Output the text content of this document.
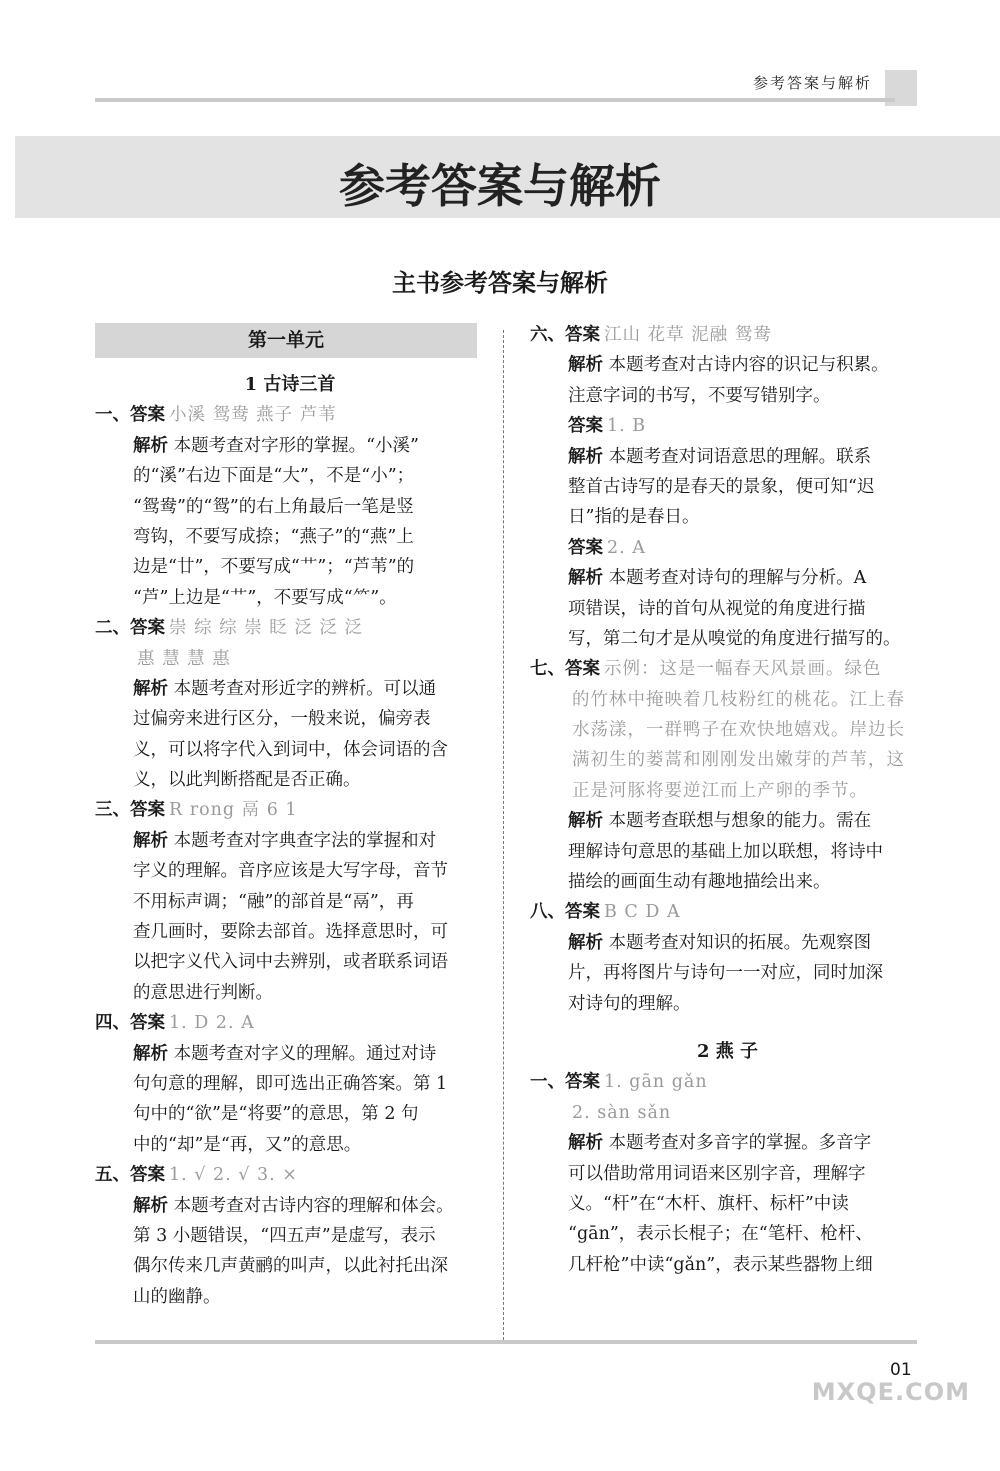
参考答案与解析
参考答案与解析
主书参考答案与解析
第一单元
1 古诗三首
一、答案 小溪 鸳鸯 燕子 芦苇
解析 本题考查对字形的掌握。“小溪”
的“溪”右边下面是“大”，不是“小”；
“鸳鸯”的“鸳”的右上角最后一笔是竖
弯钩，不要写成捺；“燕子”的“燕”上
边是“廿”，不要写成“艹”；“芦苇”的
“芦”上边是“艹”，不要写成“⺮”。
二、答案 崇 综 综 崇 眨 泛 泛 泛
惠 慧 慧 惠
解析 本题考查对形近字的辨析。可以通
过偏旁来进行区分，一般来说，偏旁表
义，可以将字代入到词中，体会词语的含
义，以此判断搭配是否正确。
三、答案 R rong 鬲 6 1
解析 本题考查对字典查字法的掌握和对
字义的理解。音序应该是大写字母，音节
不用标声调；“融”的部首是“鬲”，再
查几画时，要除去部首。选择意思时，可
以把字义代入词中去辨别，或者联系词语
的意思进行判断。
四、答案 1. D 2. A
解析 本题考查对字义的理解。通过对诗
句句意的理解，即可选出正确答案。第 1
句中的“欲”是“将要”的意思，第 2 句
中的“却”是“再，又”的意思。
五、答案 1. √ 2. √ 3. ×
解析 本题考查对古诗内容的理解和体会。
第 3 小题错误，“四五声”是虚写，表示
偶尔传来几声黄鹂的叫声，以此衬托出深
山的幽静。
六、答案 江山 花草 泥融 鸳鸯
解析 本题考查对古诗内容的识记与积累。
注意字词的书写，不要写错别字。
答案 1. B
解析 本题考查对词语意思的理解。联系
整首古诗写的是春天的景象，便可知“迟
日”指的是春日。
答案 2. A
解析 本题考查对诗句的理解与分析。A
项错误，诗的首句从视觉的角度进行描
写，第二句才是从嗅觉的角度进行描写的。
七、答案 示例：这是一幅春天风景画。绿色
的竹林中掩映着几枝粉红的桃花。江上春
水荡漾，一群鸭子在欢快地嬉戏。岸边长
满初生的蒌蒿和刚刚发出嫩芽的芦苇，这
正是河豚将要逆江而上产卵的季节。
解析 本题考查联想与想象的能力。需在
理解诗句意思的基础上加以联想，将诗中
描绘的画面生动有趣地描绘出来。
八、答案 B C D A
解析 本题考查对知识的拓展。先观察图
片，再将图片与诗句一一对应，同时加深
对诗句的理解。
2 燕 子
一、答案 1. gān gǎn
2. sàn sǎn
解析 本题考查对多音字的掌握。多音字
可以借助常用词语来区别字音，理解字
义。“杆”在“木杆、旗杆、标杆”中读
“gān”，表示长棍子；在“笔杆、枪杆、
几杆枪”中读“gǎn”，表示某些器物上细
01
MXQE.COM
